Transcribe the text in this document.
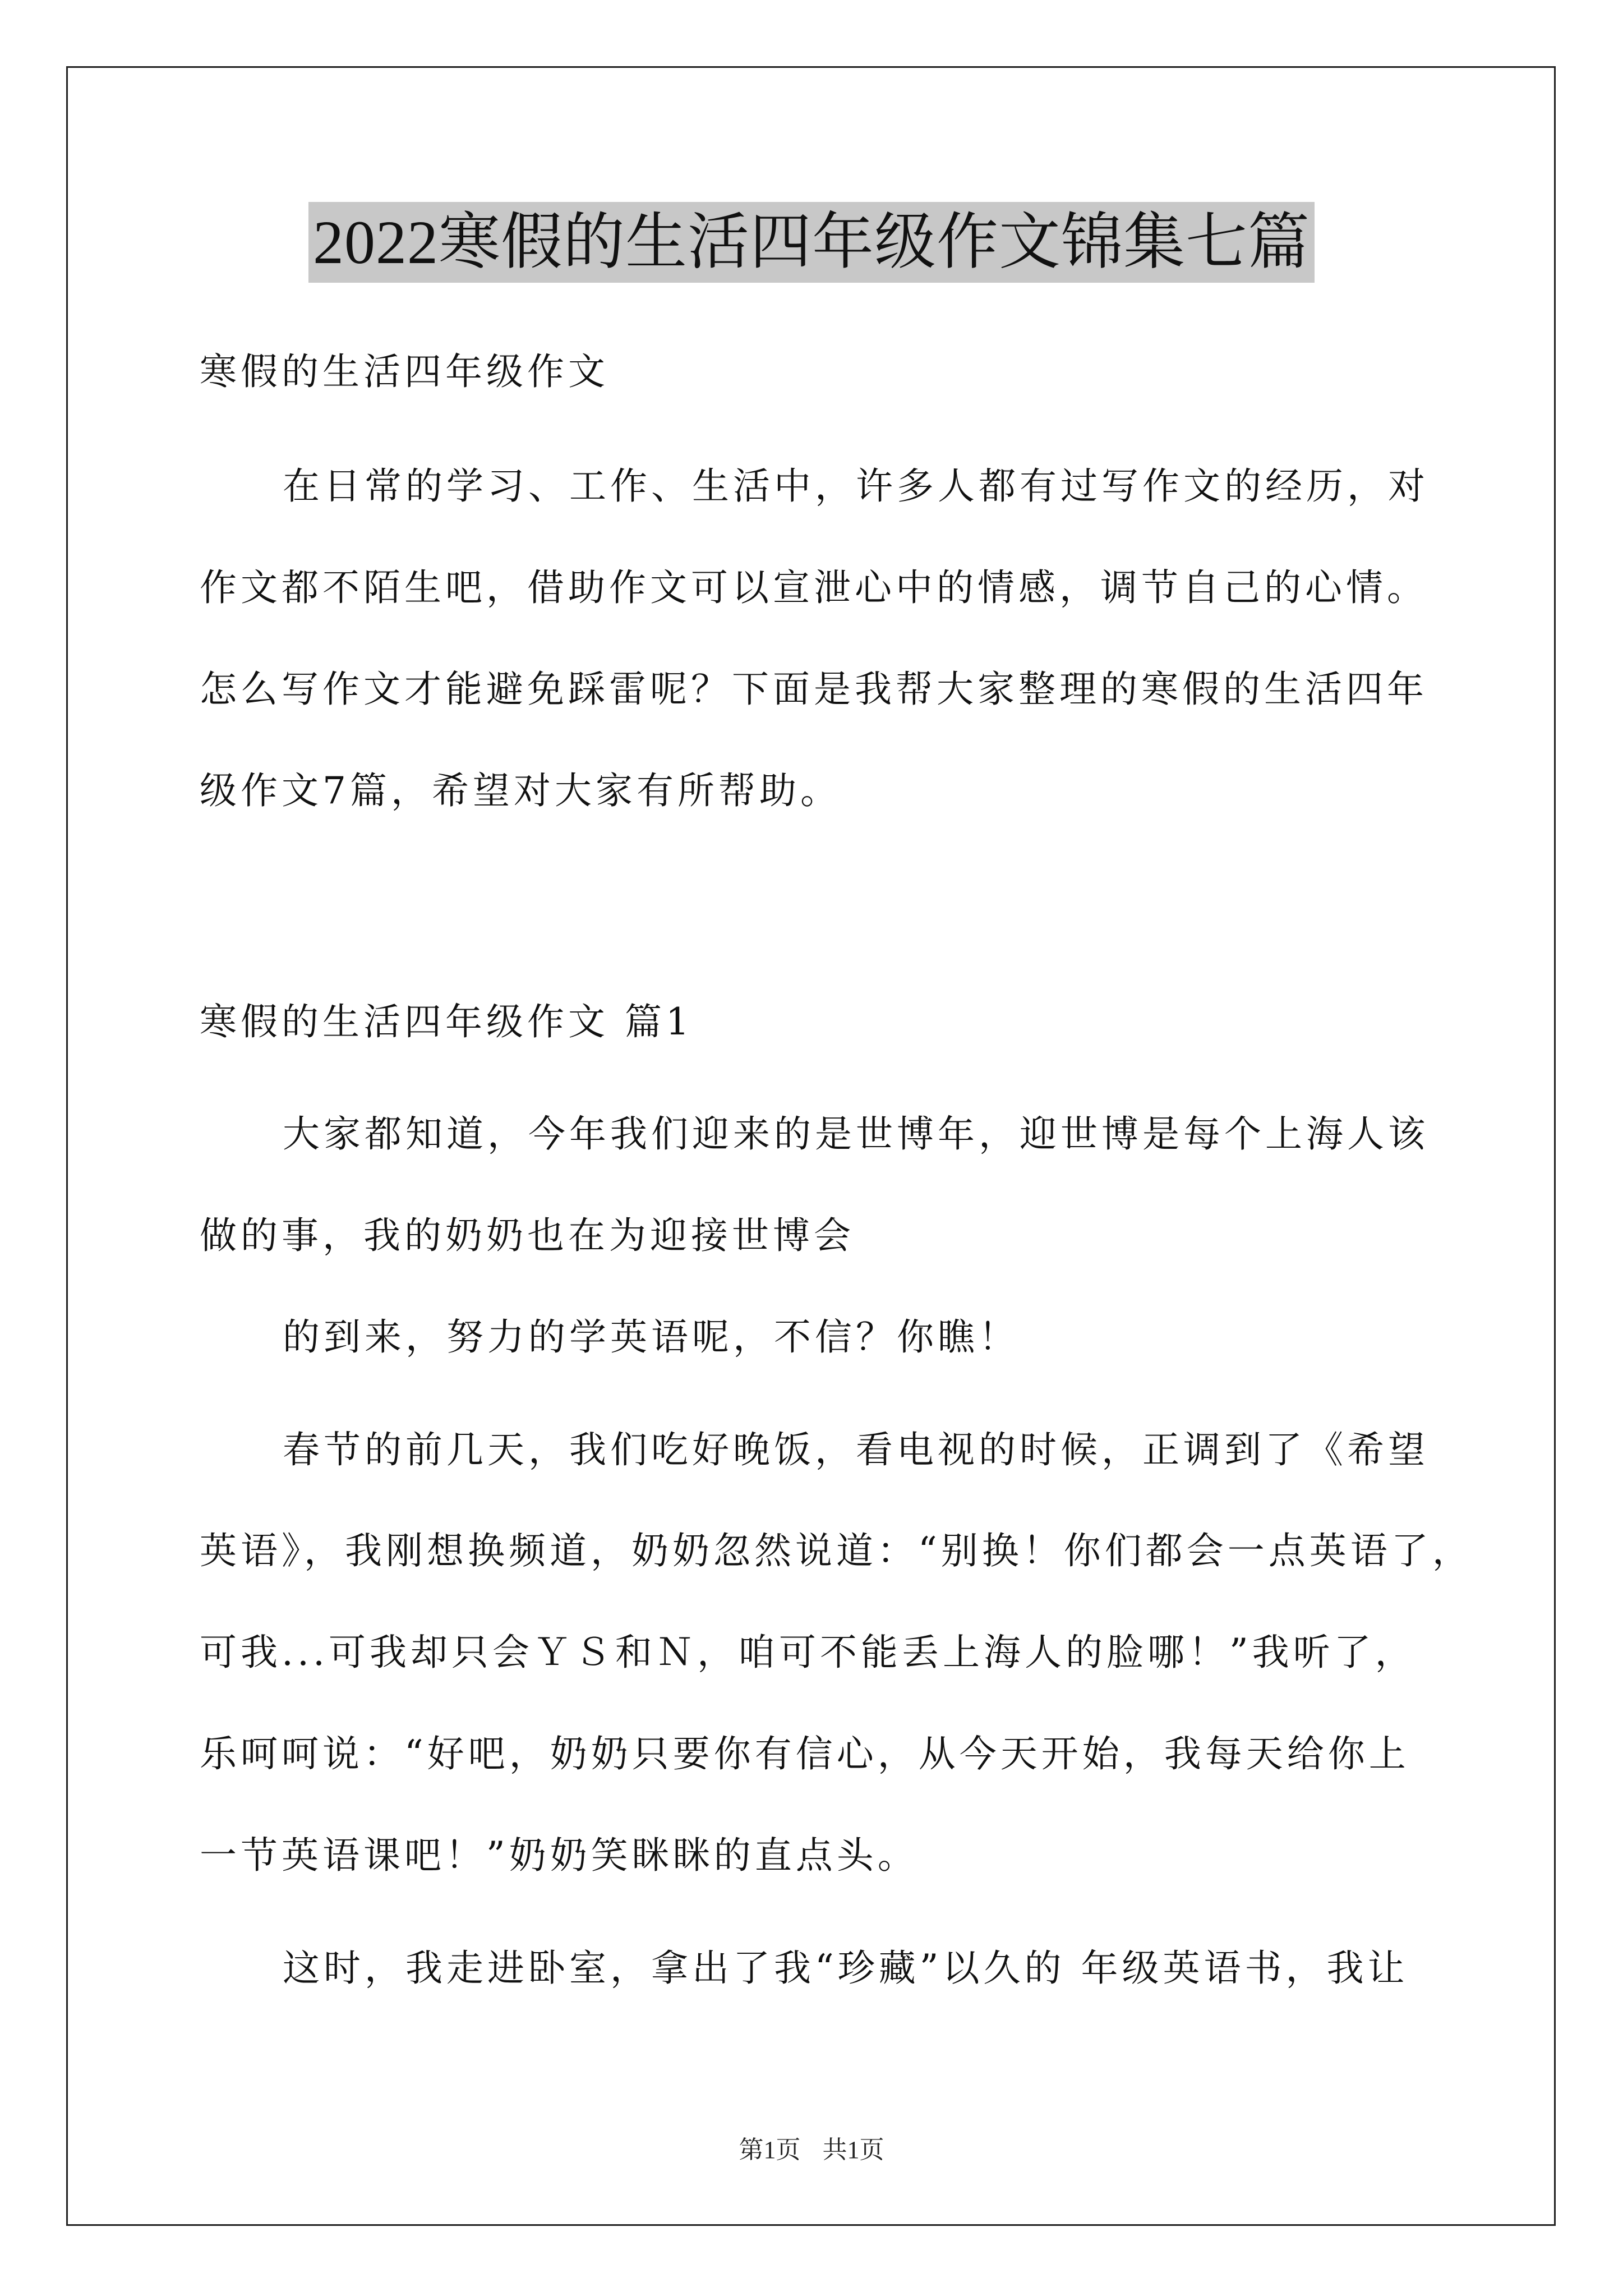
2022寒假的生活四年级作文锦集七篇
寒假的生活四年级作文
在日常的学习、工作、生活中，许多人都有过写作文的经历，对
作文都不陌生吧，借助作文可以宣泄心中的情感，调节自己的心情。
怎么写作文才能避免踩雷呢？下面是我帮大家整理的寒假的生活四年
级作文7篇，希望对大家有所帮助。
寒假的生活四年级作文 篇1
大家都知道，今年我们迎来的是世博年，迎世博是每个上海人该
做的事，我的奶奶也在为迎接世博会
的到来，努力的学英语呢，不信？你瞧！
春节的前几天，我们吃好晚饭，看电视的时候，正调到了《希望
英语》，我刚想换频道，奶奶忽然说道：“别换！你们都会一点英语了，
可我...可我却只会ＹＳ和Ｎ，咱可不能丢上海人的脸哪！”我听了，
乐呵呵说：“好吧，奶奶只要你有信心，从今天开始，我每天给你上
一节英语课吧！”奶奶笑眯眯的直点头。
这时，我走进卧室，拿出了我“珍藏”以久的 年级英语书，我让
第1页 共1页
